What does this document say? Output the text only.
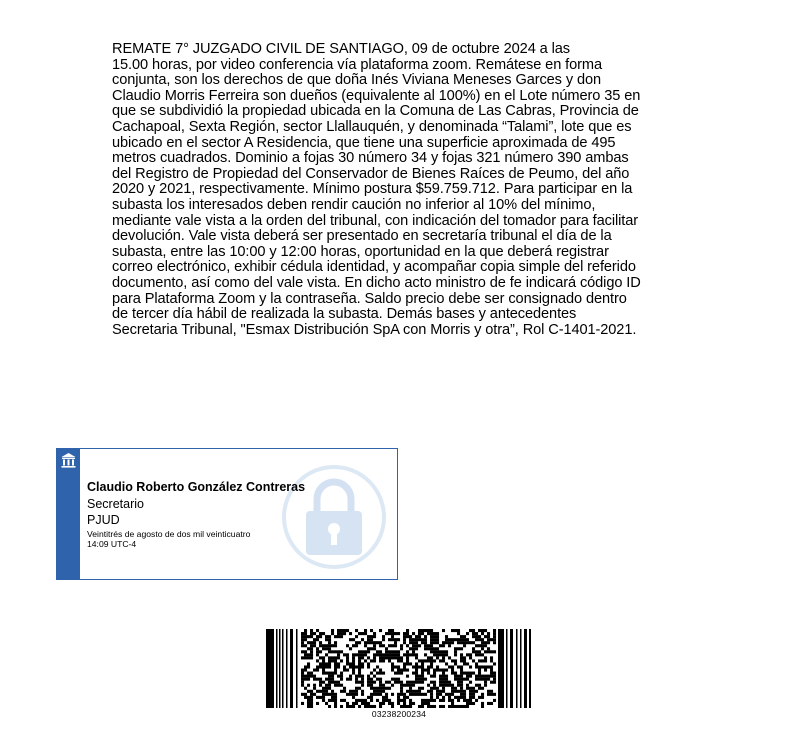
REMATE 7° JUZGADO CIVIL DE SANTIAGO, 09 de octubre 2024 a las
15.00 horas, por video conferencia vía plataforma zoom. Remátese en forma
conjunta, son los derechos de que doña Inés Viviana Meneses Garces y don
Claudio Morris Ferreira son dueños (equivalente al 100%) en el Lote número 35 en
que se subdividió la propiedad ubicada en la Comuna de Las Cabras, Provincia de
Cachapoal, Sexta Región, sector Llallauquén, y denominada “Talami”, lote que es
ubicado en el sector A Residencia, que tiene una superficie aproximada de 495
metros cuadrados. Dominio a fojas 30 número 34 y fojas 321 número 390 ambas
del Registro de Propiedad del Conservador de Bienes Raíces de Peumo, del año
2020 y 2021, respectivamente. Mínimo postura $59.759.712. Para participar en la
subasta los interesados deben rendir caución no inferior al 10% del mínimo,
mediante vale vista a la orden del tribunal, con indicación del tomador para facilitar
devolución. Vale vista deberá ser presentado en secretaría tribunal el día de la
subasta, entre las 10:00 y 12:00 horas, oportunidad en la que deberá registrar
correo electrónico, exhibir cédula identidad, y acompañar copia simple del referido
documento, así como del vale vista. En dicho acto ministro de fe indicará código ID
para Plataforma Zoom y la contraseña. Saldo precio debe ser consignado dentro
de tercer día hábil de realizada la subasta. Demás bases y antecedentes
Secretaria Tribunal, "Esmax Distribución SpA con Morris y otra”, Rol C-1401-2021.
Claudio Roberto González Contreras
Secretario
PJUD
Veintitrés de agosto de dos mil veinticuatro
14:09 UTC-4
03238200234
